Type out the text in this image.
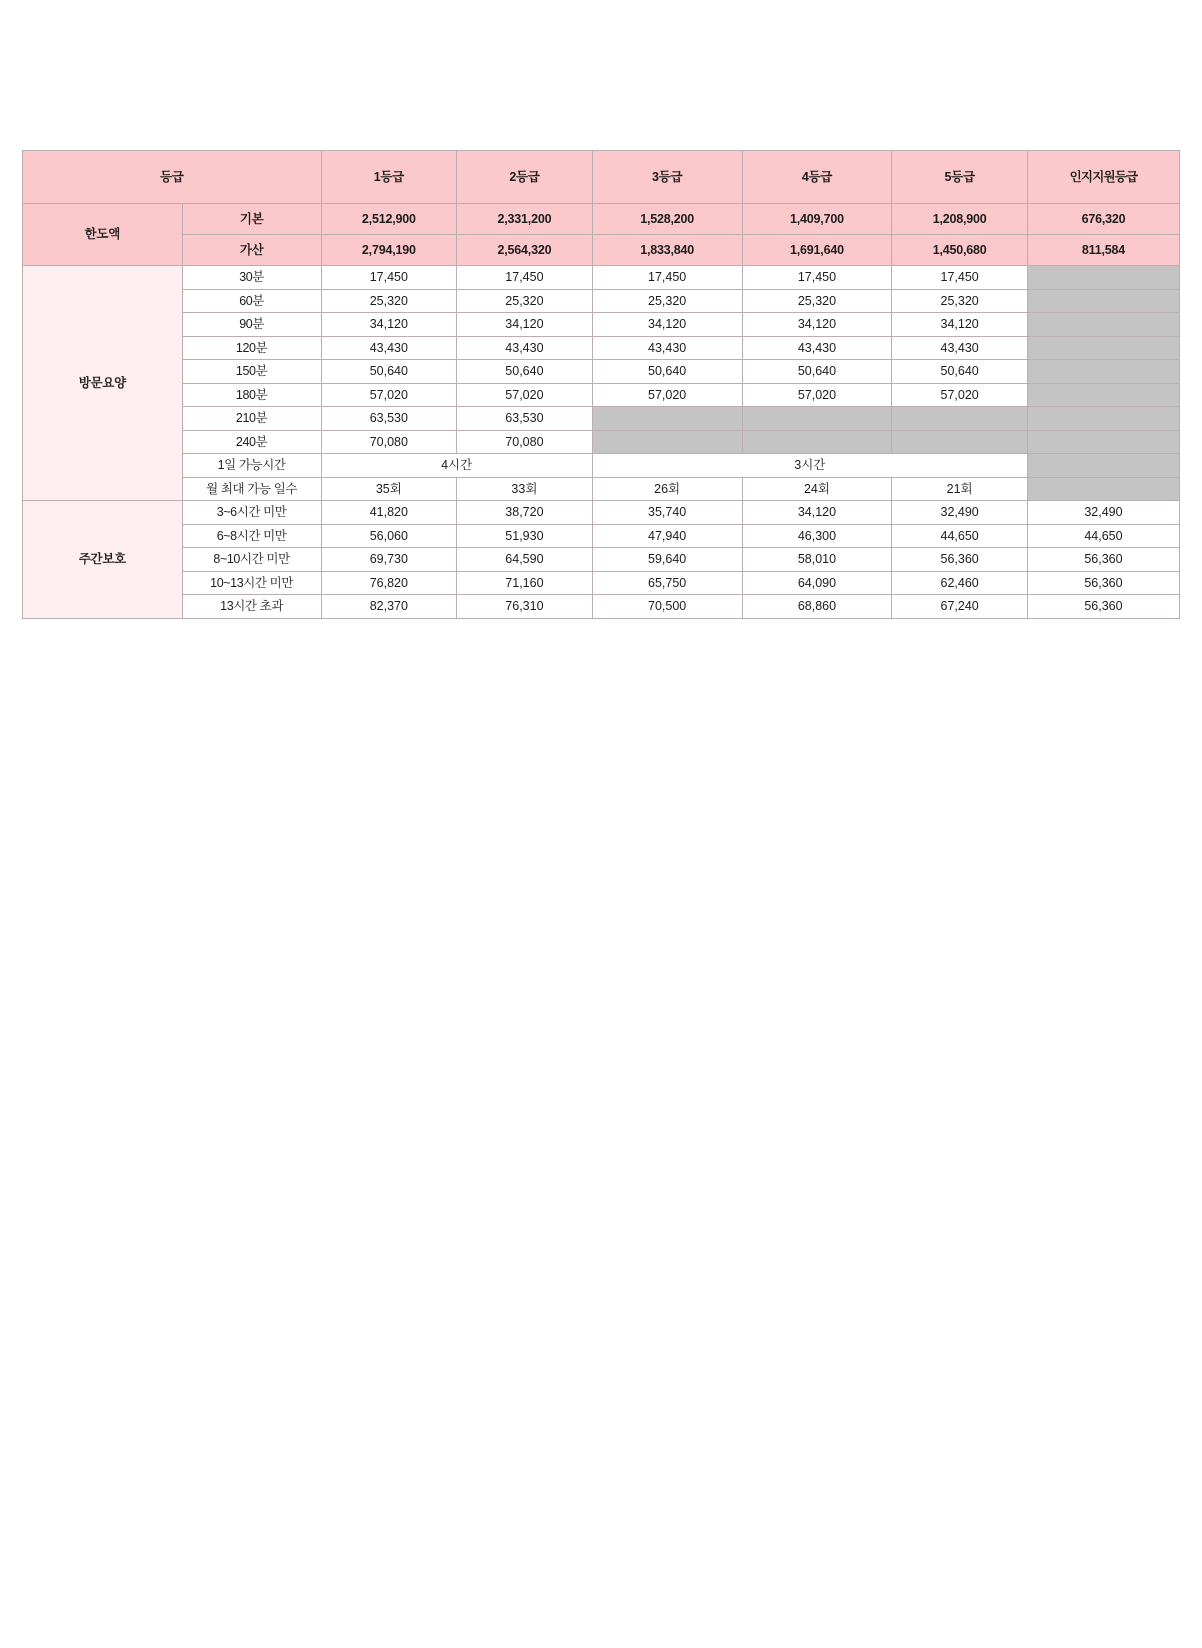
등급		1등급	2등급	3등급	4등급	5등급	인지지원등급
한도액	기본	2,512,900	2,331,200	1,528,200	1,409,700	1,208,900	676,320
	가산	2,794,190	2,564,320	1,833,840	1,691,640	1,450,680	811,584
방문요양	30분	17,450	17,450	17,450	17,450	17,450	
	60분	25,320	25,320	25,320	25,320	25,320	
	90분	34,120	34,120	34,120	34,120	34,120	
	120분	43,430	43,430	43,430	43,430	43,430	
	150분	50,640	50,640	50,640	50,640	50,640	
	180분	57,020	57,020	57,020	57,020	57,020	
	210분	63,530	63,530				
	240분	70,080	70,080				
	1일 가능시간	4시간		3시간			
	월 최대 가능 일수	35회	33회	26회	24회	21회	
주간보호	3~6시간 미만	41,820	38,720	35,740	34,120	32,490	32,490
	6~8시간 미만	56,060	51,930	47,940	46,300	44,650	44,650
	8~10시간 미만	69,730	64,590	59,640	58,010	56,360	56,360
	10~13시간 미만	76,820	71,160	65,750	64,090	62,460	56,360
	13시간 초과	82,370	76,310	70,500	68,860	67,240	56,360
